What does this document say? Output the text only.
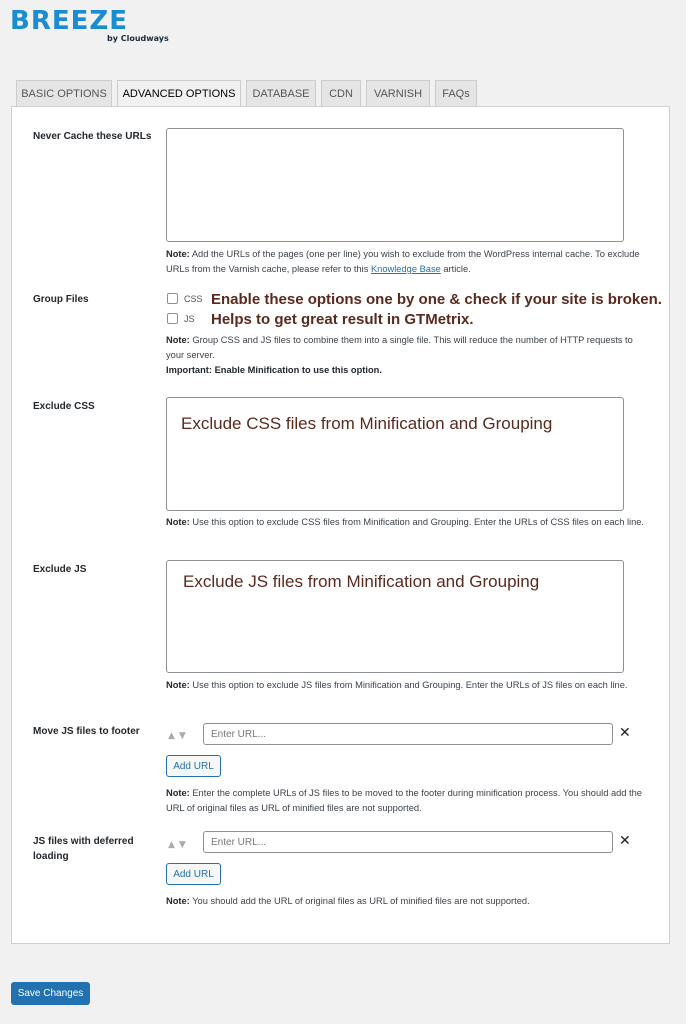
BREEZE
by Cloudways
BASIC OPTIONS	ADVANCED OPTIONS	DATABASE	CDN	VARNISH	FAQs
Never Cache these URLs
Note: Add the URLs of the pages (one per line) you wish to exclude from the WordPress internal cache. To exclude URLs from the Varnish cache, please refer to this Knowledge Base article.
Group Files	CSS
JS
Enable these options one by one & check if your site is broken.
Helps to get great result in GTMetrix.
Note: Group CSS and JS files to combine them into a single file. This will reduce the number of HTTP requests to your server.
Important: Enable Minification to use this option.
Exclude CSS
Exclude CSS files from Minification and Grouping
Note: Use this option to exclude CSS files from Minification and Grouping. Enter the URLs of CSS files on each line.
Exclude JS
Exclude JS files from Minification and Grouping
Note: Use this option to exclude JS files from Minification and Grouping. Enter the URLs of JS files on each line.
Move JS files to footer	▲▼	Enter URL...	✕
Add URL
Note: Enter the complete URLs of JS files to be moved to the footer during minification process. You should add the URL of original files as URL of minified files are not supported.
JS files with deferred
loading
▲▼	Enter URL...	✕
Add URL
Note: You should add the URL of original files as URL of minified files are not supported.
Save Changes
